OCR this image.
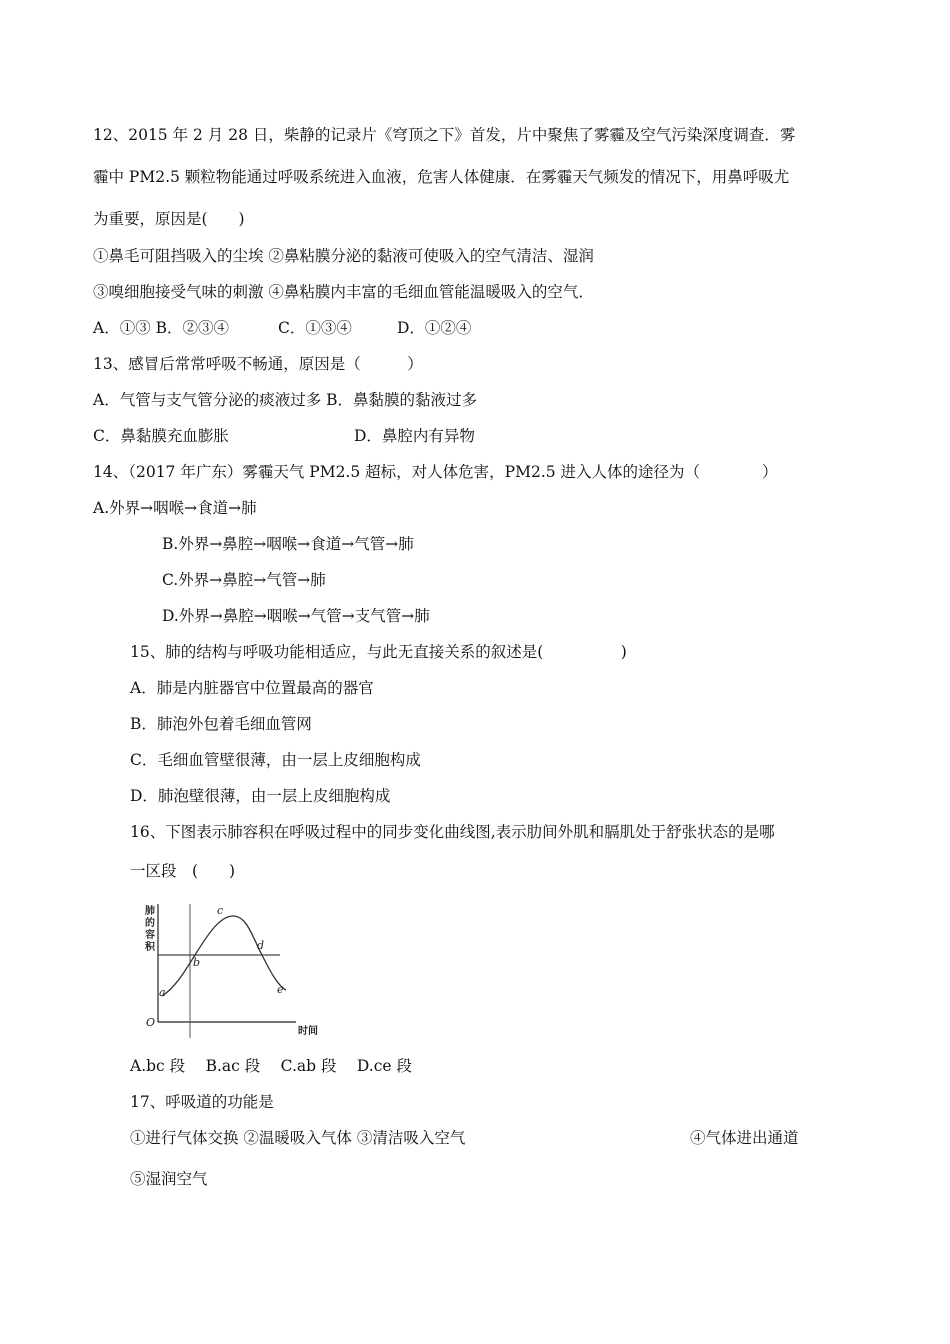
12、2015 年 2 月 28 日，柴静的记录片《穹顶之下》首发，片中聚焦了雾霾及空气污染深度调查．雾
霾中 PM2.5 颗粒物能通过呼吸系统进入血液，危害人体健康．在雾霾天气频发的情况下，用鼻呼吸尤
为重要，原因是(　　)
①鼻毛可阻挡吸入的尘埃 ②鼻粘膜分泌的黏液可使吸入的空气清洁、湿润
③嗅细胞接受气味的刺激 ④鼻粘膜内丰富的毛细血管能温暖吸入的空气．
A．①③ B．②③④	C．①③④	D．①②④
13、感冒后常常呼吸不畅通，原因是（　　　）
A．气管与支气管分泌的痰液过多 B．鼻黏膜的黏液过多
C．鼻黏膜充血膨胀	D．鼻腔内有异物
14、（2017 年广东）雾霾天气 PM2.5 超标，对人体危害，PM2.5 进入人体的途径为（　　　　）
A.外界→咽喉→食道→肺
B.外界→鼻腔→咽喉→食道→气管→肺
C.外界→鼻腔→气管→肺
D.外界→鼻腔→咽喉→气管→支气管→肺
15、肺的结构与呼吸功能相适应，与此无直接关系的叙述是(　　　　　)
A．肺是内脏器官中位置最高的器官
B．肺泡外包着毛细血管网
C．毛细血管壁很薄，由一层上皮细胞构成
D．肺泡壁很薄，由一层上皮细胞构成
16、下图表示肺容积在呼吸过程中的同步变化曲线图,表示肋间外肌和膈肌处于舒张状态的是哪
一区段　(　　)
肺
的
容
积
O
时间
a
b
c
d
e
A.bc 段　 B.ac 段　 C.ab 段　 D.ce 段
17、呼吸道的功能是
①进行气体交换 ②温暖吸入气体 ③清洁吸入空气	④气体进出通道
⑤湿润空气
